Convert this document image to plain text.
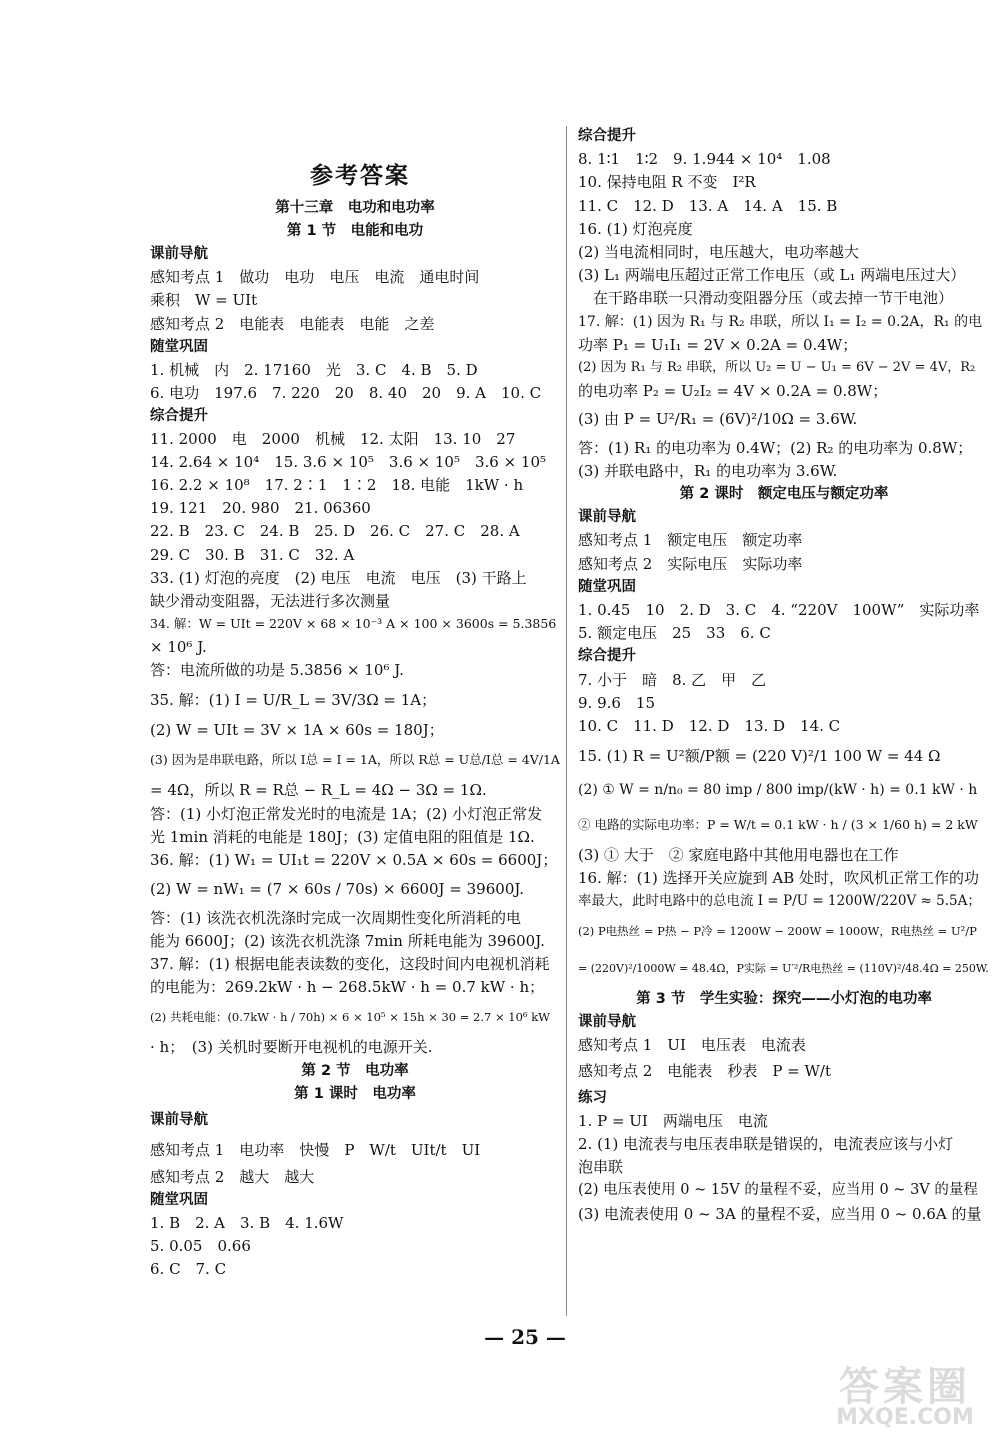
参考答案
第十三章　电功和电功率
第 1 节　电能和电功
课前导航
感知考点 1　做功　电功　电压　电流　通电时间
乘积　W = UIt
感知考点 2　电能表　电能表　电能　之差
随堂巩固
1. 机械　内　2. 17160　光　3. C　4. B　5. D
6. 电功　197.6　7. 220　20　8. 40　20　9. A　10. C
综合提升
11. 2000　电　2000　机械　12. 太阳　13. 10　27
14. 2.64 × 10⁴　15. 3.6 × 10⁵　3.6 × 10⁵　3.6 × 10⁵
16. 2.2 × 10⁸　17. 2∶1　1∶2　18. 电能　1kW · h
19. 121　20. 980　21. 06360
22. B　23. C　24. B　25. D　26. C　27. C　28. A
29. C　30. B　31. C　32. A
33. (1) 灯泡的亮度　(2) 电压　电流　电压　(3) 干路上
缺少滑动变阻器，无法进行多次测量
34. 解：W = UIt = 220V × 68 × 10⁻³ A × 100 × 3600s = 5.3856
× 10⁶ J.
答：电流所做的功是 5.3856 × 10⁶ J.
35. 解：(1) I = U/R_L = 3V/3Ω = 1A；
(2) W = UIt = 3V × 1A × 60s = 180J；
(3) 因为是串联电路，所以 I总 = I = 1A，所以 R总 = U总/I总 = 4V/1A
= 4Ω，所以 R = R总 − R_L = 4Ω − 3Ω = 1Ω.
答：(1) 小灯泡正常发光时的电流是 1A；(2) 小灯泡正常发
光 1min 消耗的电能是 180J；(3) 定值电阻的阻值是 1Ω.
36. 解：(1) W₁ = UI₁t = 220V × 0.5A × 60s = 6600J；
(2) W = nW₁ = (7 × 60s / 70s) × 6600J = 39600J.
答：(1) 该洗衣机洗涤时完成一次周期性变化所消耗的电
能为 6600J；(2) 该洗衣机洗涤 7min 所耗电能为 39600J.
37. 解：(1) 根据电能表读数的变化，这段时间内电视机消耗
的电能为：269.2kW · h − 268.5kW · h = 0.7 kW · h；
(2) 共耗电能：(0.7kW · h / 70h) × 6 × 10⁵ × 15h × 30 = 2.7 × 10⁶ kW
· h；　(3) 关机时要断开电视机的电源开关.
第 2 节　电功率
第 1 课时　电功率
课前导航
感知考点 1　电功率　快慢　P　W/t　UIt/t　UI
感知考点 2　越大　越大
随堂巩固
1. B　2. A　3. B　4. 1.6W
5. 0.05　0.66
6. C　7. C
综合提升
8. 1∶1　1∶2　9. 1.944 × 10⁴　1.08
10. 保持电阻 R 不变　I²R
11. C　12. D　13. A　14. A　15. B
16. (1) 灯泡亮度
(2) 当电流相同时，电压越大，电功率越大
(3) L₁ 两端电压超过正常工作电压（或 L₁ 两端电压过大）
　在干路串联一只滑动变阻器分压（或去掉一节干电池）
17. 解：(1) 因为 R₁ 与 R₂ 串联，所以 I₁ = I₂ = 0.2A，R₁ 的电
功率 P₁ = U₁I₁ = 2V × 0.2A = 0.4W；
(2) 因为 R₁ 与 R₂ 串联，所以 U₂ = U − U₁ = 6V − 2V = 4V，R₂
的电功率 P₂ = U₂I₂ = 4V × 0.2A = 0.8W；
(3) 由 P = U²/R₁ = (6V)²/10Ω = 3.6W.
答：(1) R₁ 的电功率为 0.4W；(2) R₂ 的电功率为 0.8W；
(3) 并联电路中，R₁ 的电功率为 3.6W.
第 2 课时　额定电压与额定功率
课前导航
感知考点 1　额定电压　额定功率
感知考点 2　实际电压　实际功率
随堂巩固
1. 0.45　10　2. D　3. C　4. “220V　100W”　实际功率
5. 额定电压　25　33　6. C
综合提升
7. 小于　暗　8. 乙　甲　乙
9. 9.6　15
10. C　11. D　12. D　13. D　14. C
15. (1) R = U²额/P额 = (220 V)²/1 100 W = 44 Ω
(2) ① W = n/n₀ = 80 imp / 800 imp/(kW · h) = 0.1 kW · h
② 电路的实际电功率：P = W/t = 0.1 kW · h / (3 × 1/60 h) = 2 kW
(3) ① 大于　② 家庭电路中其他用电器也在工作
16. 解：(1) 选择开关应旋到 AB 处时，吹风机正常工作的功
率最大，此时电路中的总电流 I = P/U = 1200W/220V ≈ 5.5A；
(2) P电热丝 = P热 − P冷 = 1200W − 200W = 1000W，R电热丝 = U²/P
= (220V)²/1000W = 48.4Ω，P实际 = U′²/R电热丝 = (110V)²/48.4Ω = 250W.
第 3 节　学生实验：探究——小灯泡的电功率
课前导航
感知考点 1　UI　电压表　电流表
感知考点 2　电能表　秒表　P = W/t
练习
1. P = UI　两端电压　电流
2. (1) 电流表与电压表串联是错误的，电流表应该与小灯
泡串联
(2) 电压表使用 0 ~ 15V 的量程不妥，应当用 0 ~ 3V 的量程
(3) 电流表使用 0 ~ 3A 的量程不妥，应当用 0 ~ 0.6A 的量
— 25 —
答案圈
MXQE.COM
